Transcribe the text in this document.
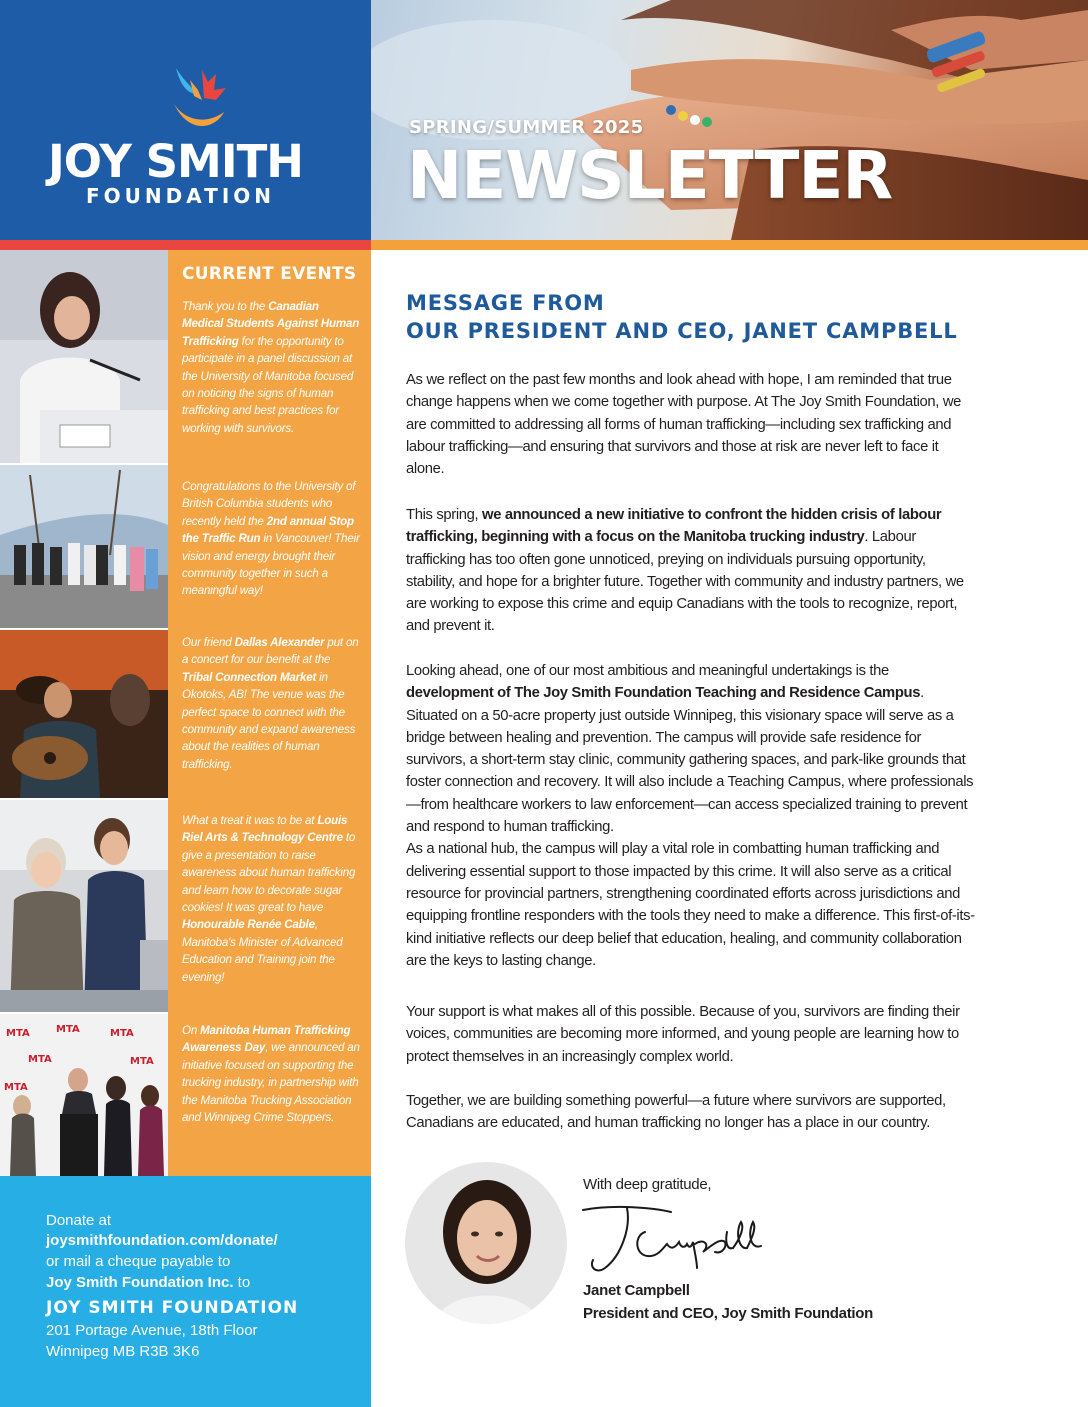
JOY SMITH
FOUNDATION
SPRING/SUMMER 2025
NEWSLETTER
MTA	MTA	MTA
MTA	MTA
MTA
CURRENT EVENTS
Thank you to the Canadian Medical Students Against Human Trafficking for the opportunity to participate in a panel discussion at the University of Manitoba focused on noticing the signs of human trafficking and best practices for working with survivors.
Congratulations to the University of British Columbia students who recently held the 2nd annual Stop the Traffic Run in Vancouver! Their vision and energy brought their community together in such a meaningful way!
Our friend Dallas Alexander put on a concert for our benefit at the Tribal Connection Market in Okotoks, AB! The venue was the perfect space to connect with the community and expand awareness about the realities of human trafficking.
What a treat it was to be at Louis Riel Arts & Technology Centre to give a presentation to raise awareness about human trafficking and learn how to decorate sugar cookies! It was great to have Honourable Renée Cable, Manitoba's Minister of Advanced Education and Training join the evening!
On Manitoba Human Trafficking Awareness Day, we announced an initiative focused on supporting the trucking industry, in partnership with the Manitoba Trucking Association and Winnipeg Crime Stoppers.
Donate at
joysmithfoundation.com/donate/
or mail a cheque payable to
Joy Smith Foundation Inc. to
JOY SMITH FOUNDATION
201 Portage Avenue, 18th Floor
Winnipeg MB R3B 3K6
MESSAGE FROM
OUR PRESIDENT AND CEO, JANET CAMPBELL

As we reflect on the past few months and look ahead with hope, I am reminded that true change happens when we come together with purpose. At The Joy Smith Foundation, we are committed to addressing all forms of human trafficking—including sex trafficking and labour trafficking—and ensuring that survivors and those at risk are never left to face it alone.

This spring, we announced a new initiative to confront the hidden crisis of labour trafficking, beginning with a focus on the Manitoba trucking industry. Labour trafficking has too often gone unnoticed, preying on individuals pursuing opportunity, stability, and hope for a brighter future. Together with community and industry partners, we are working to expose this crime and equip Canadians with the tools to recognize, report, and prevent it.

Looking ahead, one of our most ambitious and meaningful undertakings is the development of The Joy Smith Foundation Teaching and Residence Campus. Situated on a 50-acre property just outside Winnipeg, this visionary space will serve as a bridge between healing and prevention. The campus will provide safe residence for survivors, a short-term stay clinic, community gathering spaces, and park-like grounds that foster connection and recovery. It will also include a Teaching Campus, where professionals—from healthcare workers to law enforcement—can access specialized training to prevent and respond to human trafficking.
As a national hub, the campus will play a vital role in combatting human trafficking and delivering essential support to those impacted by this crime. It will also serve as a critical resource for provincial partners, strengthening coordinated efforts across jurisdictions and equipping frontline responders with the tools they need to make a difference. This first-of-its-kind initiative reflects our deep belief that education, healing, and community collaboration are the keys to lasting change.

Your support is what makes all of this possible. Because of you, survivors are finding their voices, communities are becoming more informed, and young people are learning how to protect themselves in an increasingly complex world.

Together, we are building something powerful—a future where survivors are supported, Canadians are educated, and human trafficking no longer has a place in our country.

With deep gratitude,
Janet Campbell
President and CEO, Joy Smith Foundation
